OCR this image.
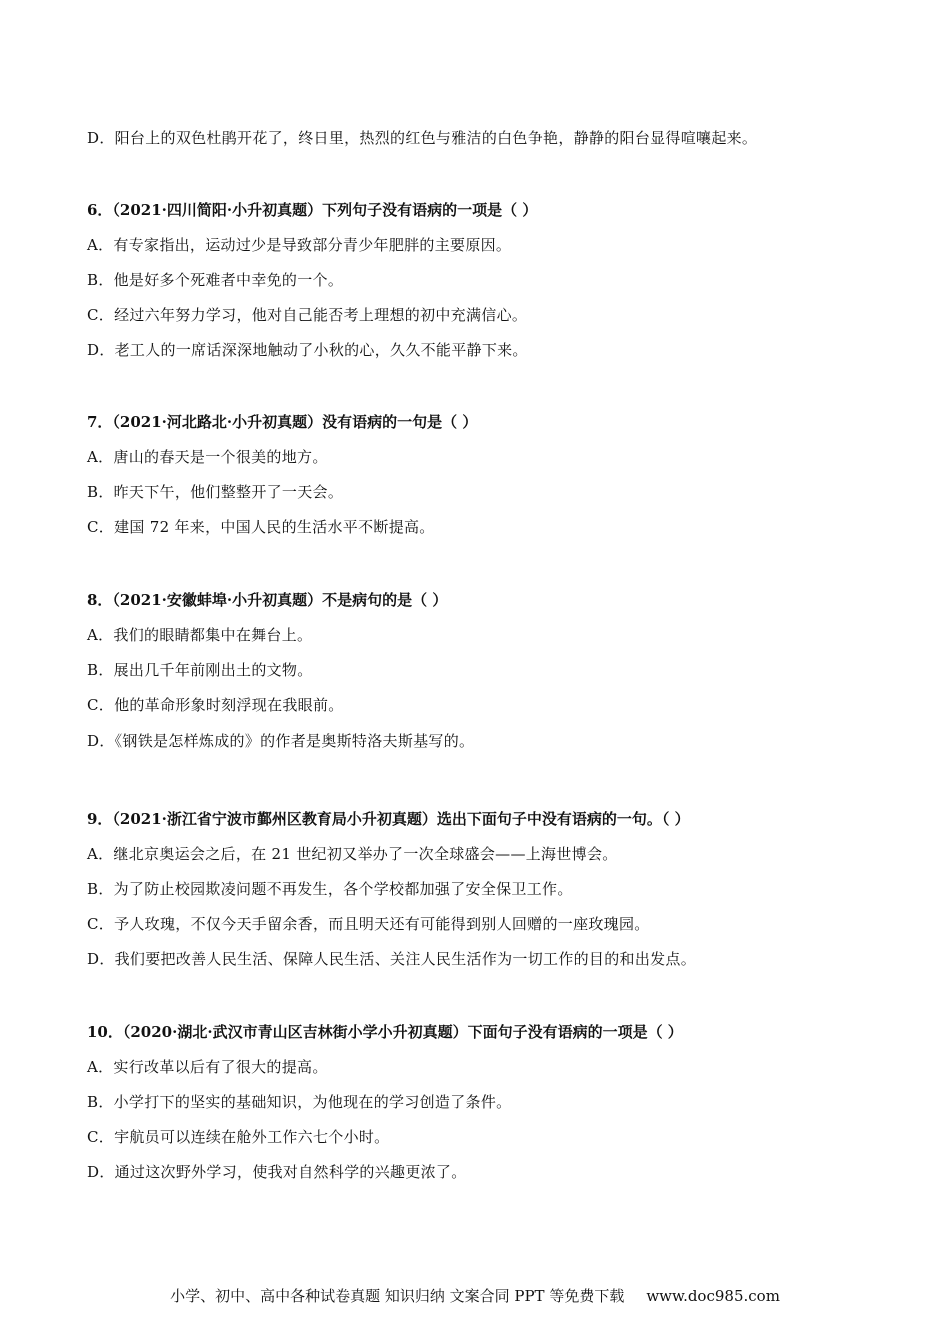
D．阳台上的双色杜鹃开花了，终日里，热烈的红色与雅洁的白色争艳，静静的阳台显得喧嚷起来。
6．（2021·四川简阳·小升初真题）下列句子没有语病的一项是（ ）
A．有专家指出，运动过少是导致部分青少年肥胖的主要原因。
B．他是好多个死难者中幸免的一个。
C．经过六年努力学习，他对自己能否考上理想的初中充满信心。
D．老工人的一席话深深地触动了小秋的心，久久不能平静下来。
7．（2021·河北路北·小升初真题）没有语病的一句是（ ）
A．唐山的春天是一个很美的地方。
B．昨天下午，他们整整开了一天会。
C．建国 72 年来，中国人民的生活水平不断提高。
8．（2021·安徽蚌埠·小升初真题）不是病句的是（ ）
A．我们的眼睛都集中在舞台上。
B．展出几千年前刚出土的文物。
C．他的革命形象时刻浮现在我眼前。
D．《钢铁是怎样炼成的》的作者是奥斯特洛夫斯基写的。
9．（2021·浙江省宁波市鄞州区教育局小升初真题）选出下面句子中没有语病的一句。（ ）
A．继北京奥运会之后，在 21 世纪初又举办了一次全球盛会——上海世博会。
B．为了防止校园欺凌问题不再发生，各个学校都加强了安全保卫工作。
C．予人玫瑰，不仅今天手留余香，而且明天还有可能得到别人回赠的一座玫瑰园。
D．我们要把改善人民生活、保障人民生活、关注人民生活作为一切工作的目的和出发点。
10．（2020·湖北·武汉市青山区吉林街小学小升初真题）下面句子没有语病的一项是（ ）
A．实行改革以后有了很大的提高。
B．小学打下的坚实的基础知识，为他现在的学习创造了条件。
C．宇航员可以连续在舱外工作六七个小时。
D．通过这次野外学习，使我对自然科学的兴趣更浓了。
小学、初中、高中各种试卷真题 知识归纳 文案合同 PPT 等免费下载 www.doc985.com
